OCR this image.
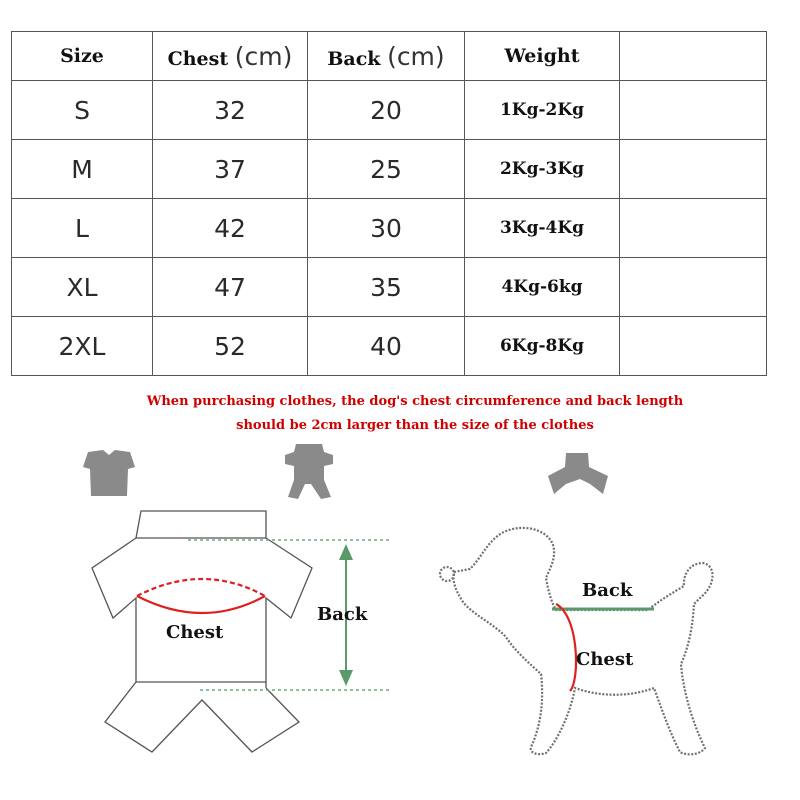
Size	Chest (cm)	Back (cm)	Weight	
S	32	20	1Kg-2Kg	
M	37	25	2Kg-3Kg	
L	42	30	3Kg-4Kg	
XL	47	35	4Kg-6kg	
2XL	52	40	6Kg-8Kg	
When purchasing clothes, the dog's chest circumference and back length
should be 2cm larger than the size of the clothes
Chest
Back
Back
Chest
